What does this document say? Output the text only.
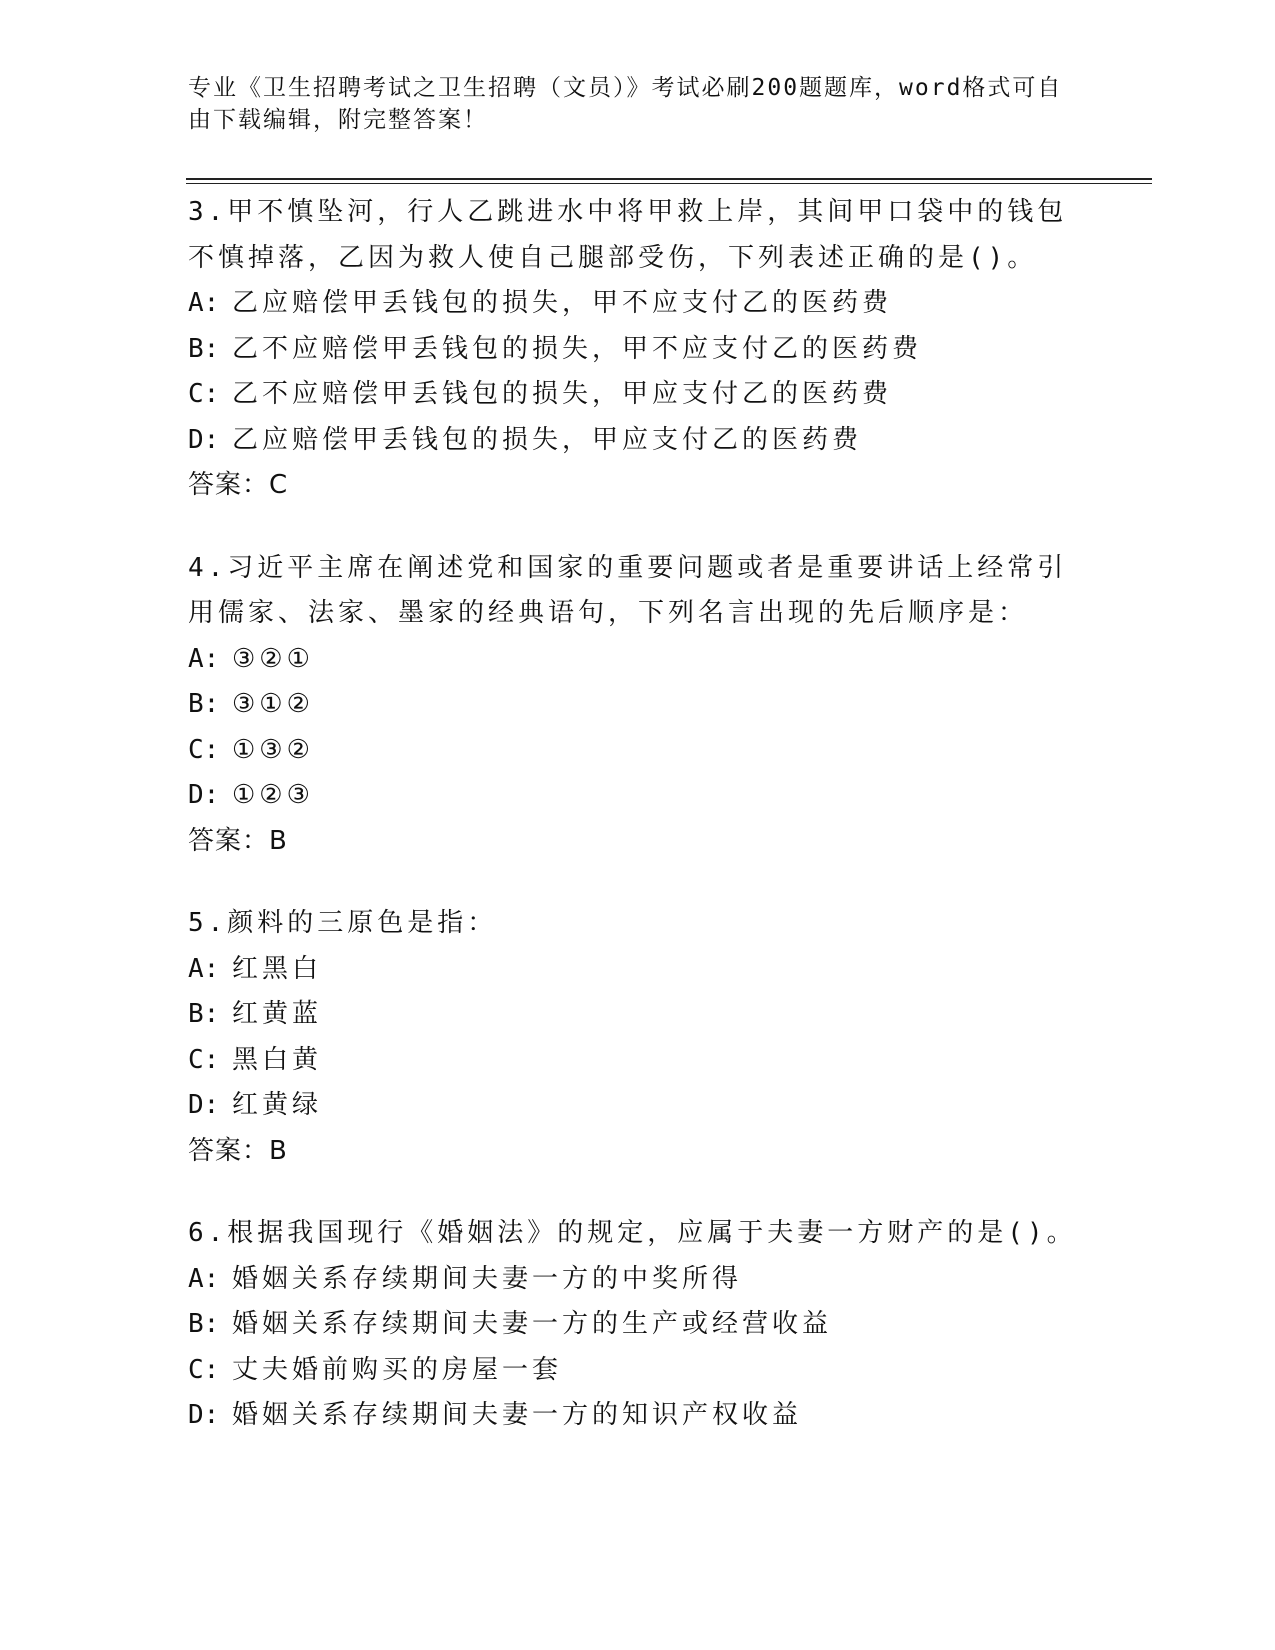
专业《卫生招聘考试之卫生招聘（文员）》考试必刷200题题库，word格式可自由下载编辑，附完整答案！
3.甲不慎坠河，行人乙跳进水中将甲救上岸，其间甲口袋中的钱包不慎掉落，乙因为救人使自己腿部受伤，下列表述正确的是()。
A: 乙应赔偿甲丢钱包的损失，甲不应支付乙的医药费
B: 乙不应赔偿甲丢钱包的损失，甲不应支付乙的医药费
C: 乙不应赔偿甲丢钱包的损失，甲应支付乙的医药费
D: 乙应赔偿甲丢钱包的损失，甲应支付乙的医药费
答案：C
4.习近平主席在阐述党和国家的重要问题或者是重要讲话上经常引用儒家、法家、墨家的经典语句，下列名言出现的先后顺序是：
A: ③②①
B: ③①②
C: ①③②
D: ①②③
答案：B
5.颜料的三原色是指：
A: 红黑白
B: 红黄蓝
C: 黑白黄
D: 红黄绿
答案：B
6.根据我国现行《婚姻法》的规定，应属于夫妻一方财产的是()。
A: 婚姻关系存续期间夫妻一方的中奖所得
B: 婚姻关系存续期间夫妻一方的生产或经营收益
C: 丈夫婚前购买的房屋一套
D: 婚姻关系存续期间夫妻一方的知识产权收益
